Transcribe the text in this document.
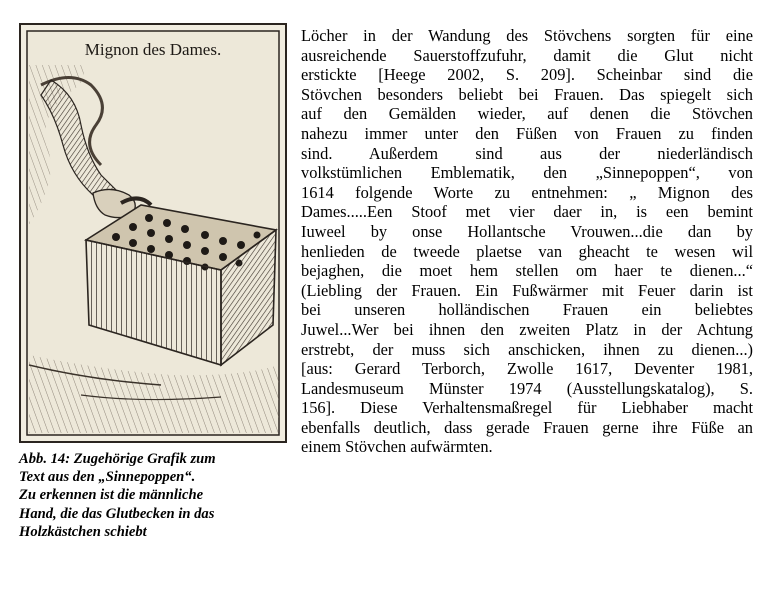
Mignon des Dames.
Abb. 14: Zugehörige Grafik zum
Text aus den „Sinnepoppen“.
Zu erkennen ist die männliche
Hand, die das Glutbecken in das
Holzkästchen schiebt
Löcher in der Wandung des Stövchens sorgten für eine
ausreichende Sauerstoffzufuhr, damit die Glut nicht
erstickte [Heege 2002, S. 209]. Scheinbar sind die
Stövchen besonders beliebt bei Frauen. Das spiegelt sich
auf den Gemälden wieder, auf denen die Stövchen
nahezu immer unter den Füßen von Frauen zu finden
sind. Außerdem sind aus der niederländisch
volkstümlichen Emblematik, den „Sinnepoppen“, von
1614 folgende Worte zu entnehmen: „ Mignon des
Dames.....Een Stoof met vier daer in, is een bemint
Iuweel by onse Hollantsche Vrouwen...die dan by
henlieden de tweede plaetse van gheacht te wesen wil
bejaghen, die moet hem stellen om haer te dienen...“
(Liebling der Frauen. Ein Fußwärmer mit Feuer darin ist
bei unseren holländischen Frauen ein beliebtes
Juwel...Wer bei ihnen den zweiten Platz in der Achtung
erstrebt, der muss sich anschicken, ihnen zu dienen...)
[aus: Gerard Terborch, Zwolle 1617, Deventer 1981,
Landesmuseum Münster 1974 (Ausstellungskatalog), S.
156]. Diese Verhaltensmaßregel für Liebhaber macht
ebenfalls deutlich, dass gerade Frauen gerne ihre Füße an
einem Stövchen aufwärmten.
